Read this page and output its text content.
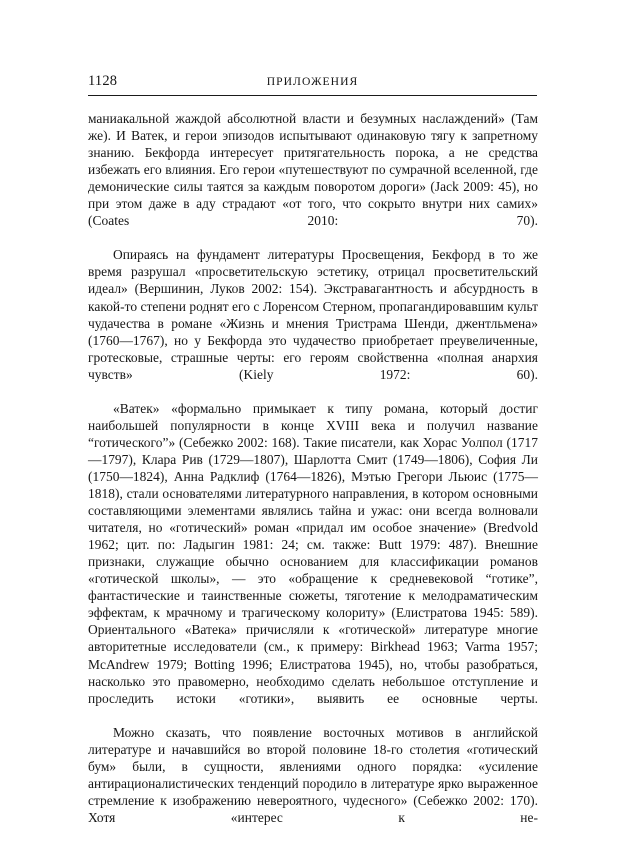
1128	ПРИЛОЖЕНИЯ

маниакальной жаждой абсолютной власти и безумных наслаждений» (Там же). И Ватек, и герои эпизодов испытывают одинаковую тягу к запретному знанию. Бекфорда интересует притягательность порока, а не средства избежать его влияния. Его герои «путешествуют по сумрачной вселенной, где демонические силы таятся за каждым поворотом дороги» (Jack 2009: 45), но при этом даже в аду страдают «от того, что сокрыто внутри них самих» (Coates 2010: 70).

Опираясь на фундамент литературы Просвещения, Бекфорд в то же время разрушал «просветительскую эстетику, отрицал просветительский идеал» (Вершинин, Луков 2002: 154). Экстравагантность и абсурдность в какой-то степени роднят его с Лоренсом Стерном, пропагандировавшим культ чудачества в романе «Жизнь и мнения Тристрама Шенди, джентльмена» (1760—1767), но у Бекфорда это чудачество приобретает преувеличенные, гротесковые, страшные черты: его героям свойственна «полная анархия чувств» (Kiely 1972: 60).

«Ватек» «формально примыкает к типу романа, который достиг наибольшей популярности в конце XVIII века и получил название “готического”» (Себежко 2002: 168). Такие писатели, как Хорас Уолпол (1717—1797), Клара Рив (1729—1807), Шарлотта Смит (1749—1806), София Ли (1750—1824), Анна Радклиф (1764—1826), Мэтью Грегори Льюис (1775—1818), стали основателями литературного направления, в котором основными составляющими элементами являлись тайна и ужас: они всегда волновали читателя, но «готический» роман «придал им особое значение» (Bredvold 1962; цит. по: Ладыгин 1981: 24; см. также: Butt 1979: 487). Внешние признаки, служащие обычно основанием для классификации романов «готической школы», — это «обращение к средневековой “готике”, фантастические и таинственные сюжеты, тяготение к мелодраматическим эффектам, к мрачному и трагическому колориту» (Елистратова 1945: 589). Ориентального «Ватека» причисляли к «готической» литературе многие авторитетные исследователи (см., к примеру: Birkhead 1963; Varma 1957; McAndrew 1979; Botting 1996; Елистратова 1945), но, чтобы разобраться, насколько это правомерно, необходимо сделать небольшое отступление и проследить истоки «готики», выявить ее основные черты.

Можно сказать, что появление восточных мотивов в английской литературе и начавшийся во второй половине 18-го столетия «готический бум» были, в сущности, явлениями одного порядка: «усиление антирационалистических тенденций породило в литературе ярко выраженное стремление к изображению невероятного, чудесного» (Себежко 2002: 170). Хотя «интерес к не-
